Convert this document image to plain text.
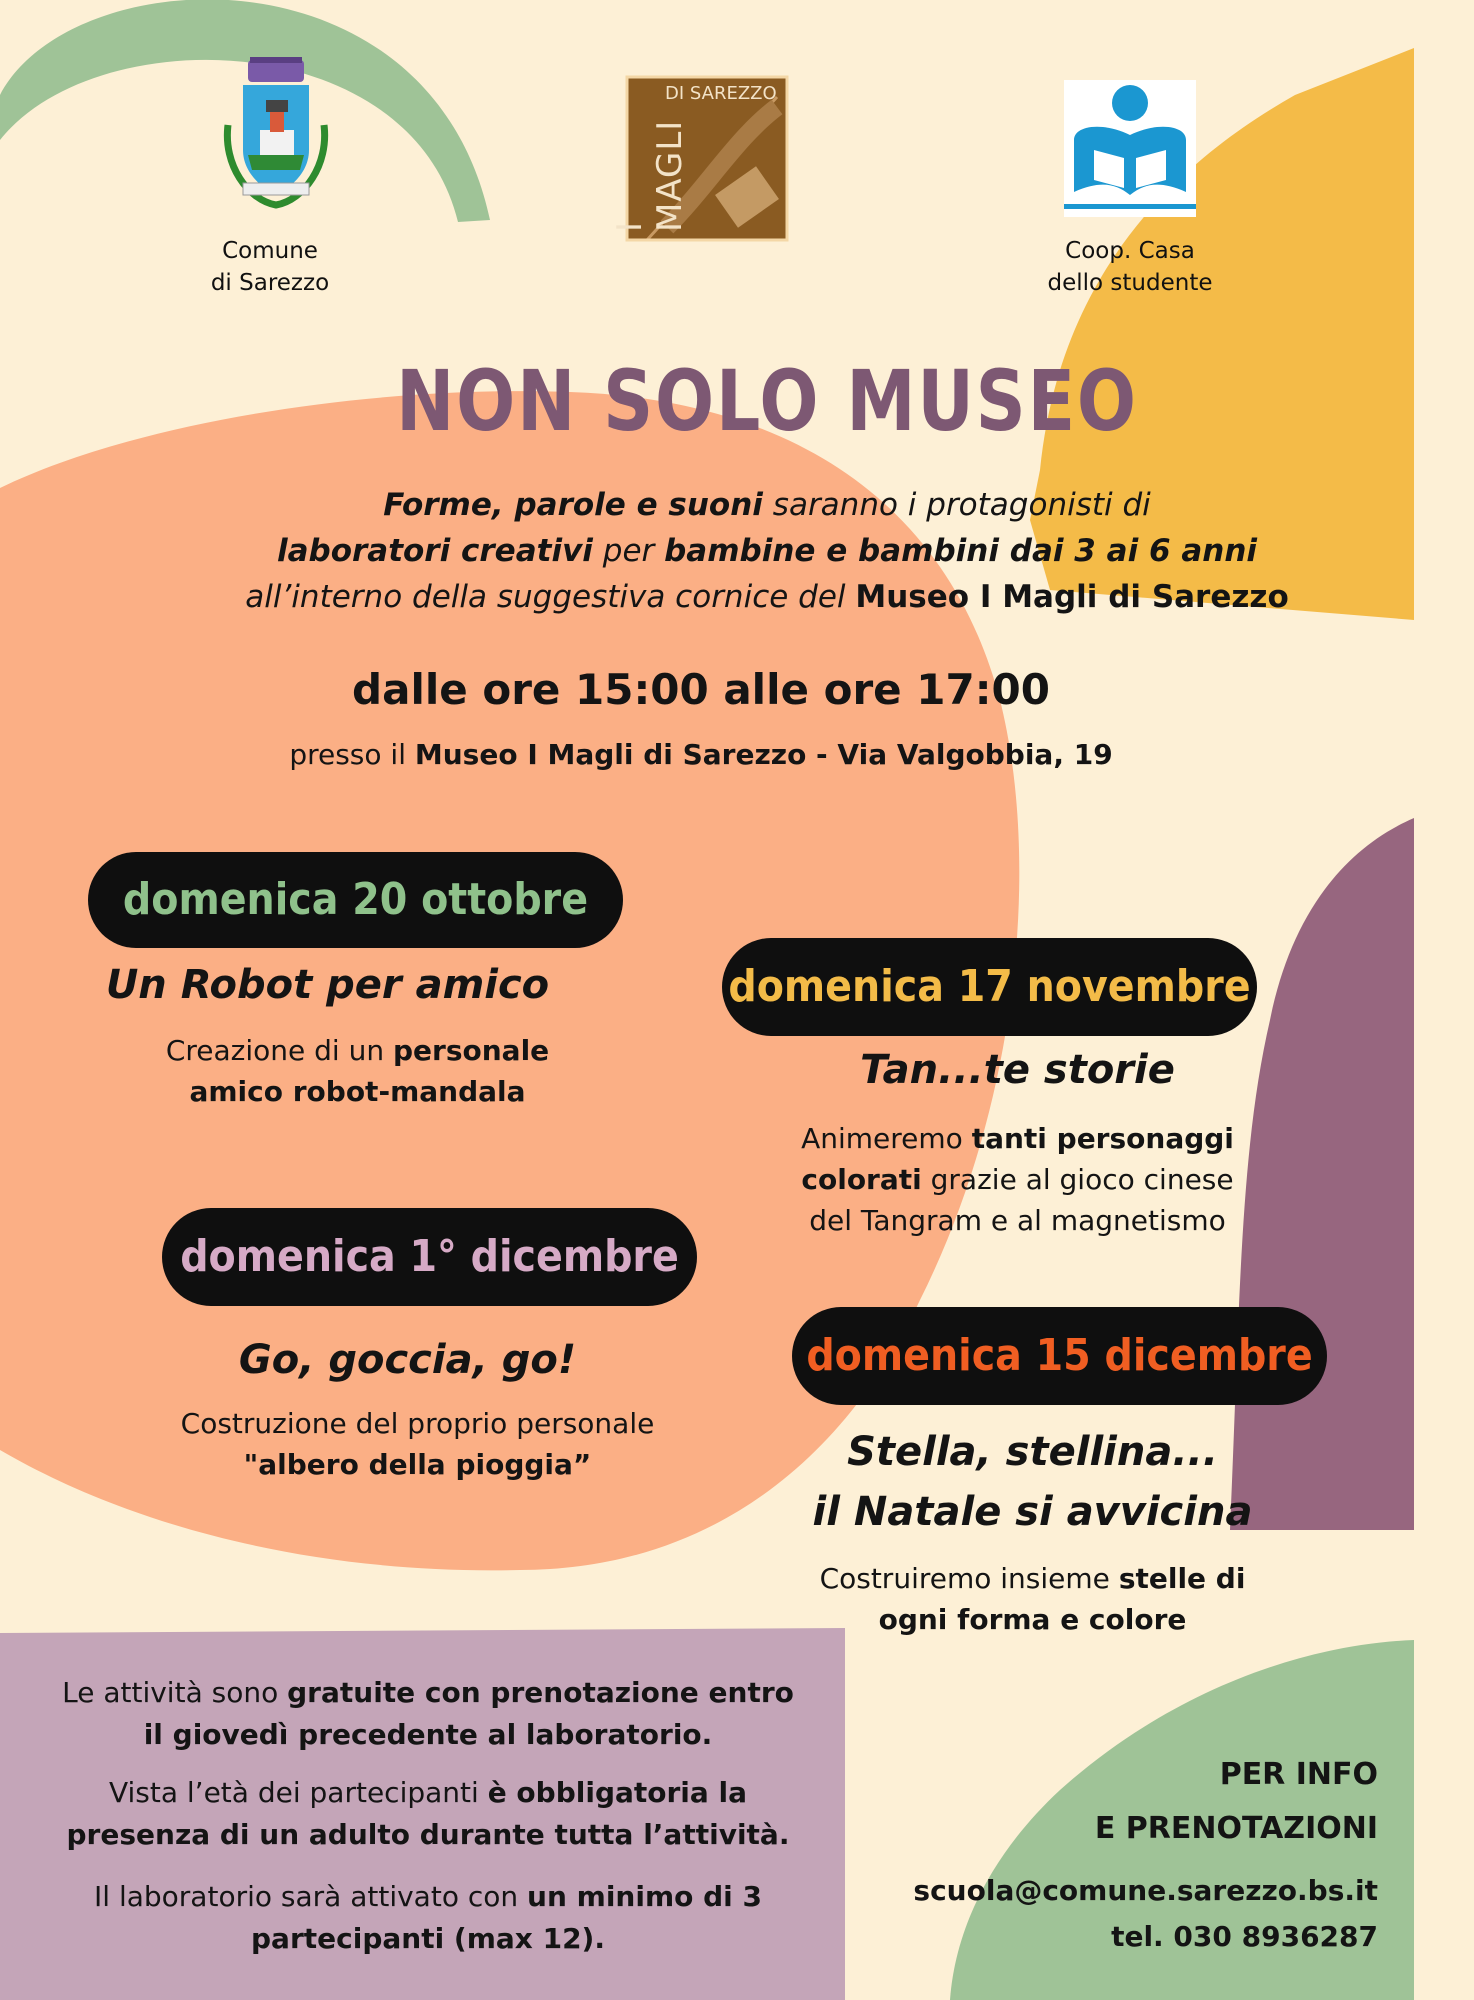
Comune
di Sarezzo
DI SAREZZO
I MAGLI
Coop. Casa
dello studente
NON SOLO MUSEO
Forme, parole e suoni saranno i protagonisti di
laboratori creativi per bambine e bambini dai 3 ai 6 anni
all’interno della suggestiva cornice del Museo I Magli di Sarezzo
dalle ore 15:00 alle ore 17:00
presso il Museo I Magli di Sarezzo - Via Valgobbia, 19
domenica 20 ottobre
Un Robot per amico
Creazione di un personale
amico robot-mandala
domenica 17 novembre
Tan...te storie
Animeremo tanti personaggi
colorati grazie al gioco cinese
del Tangram e al magnetismo
domenica 1° dicembre
Go, goccia, go!
Costruzione del proprio personale
"albero della pioggia”
domenica 15 dicembre
Stella, stellina...
il Natale si avvicina
Costruiremo insieme stelle di
ogni forma e colore
Le attività sono gratuite con prenotazione entro
il giovedì precedente al laboratorio.
Vista l’età dei partecipanti è obbligatoria la
presenza di un adulto durante tutta l’attività.
Il laboratorio sarà attivato con un minimo di 3
partecipanti (max 12).
PER INFO
E PRENOTAZIONI
scuola@comune.sarezzo.bs.it
tel. 030 8936287
